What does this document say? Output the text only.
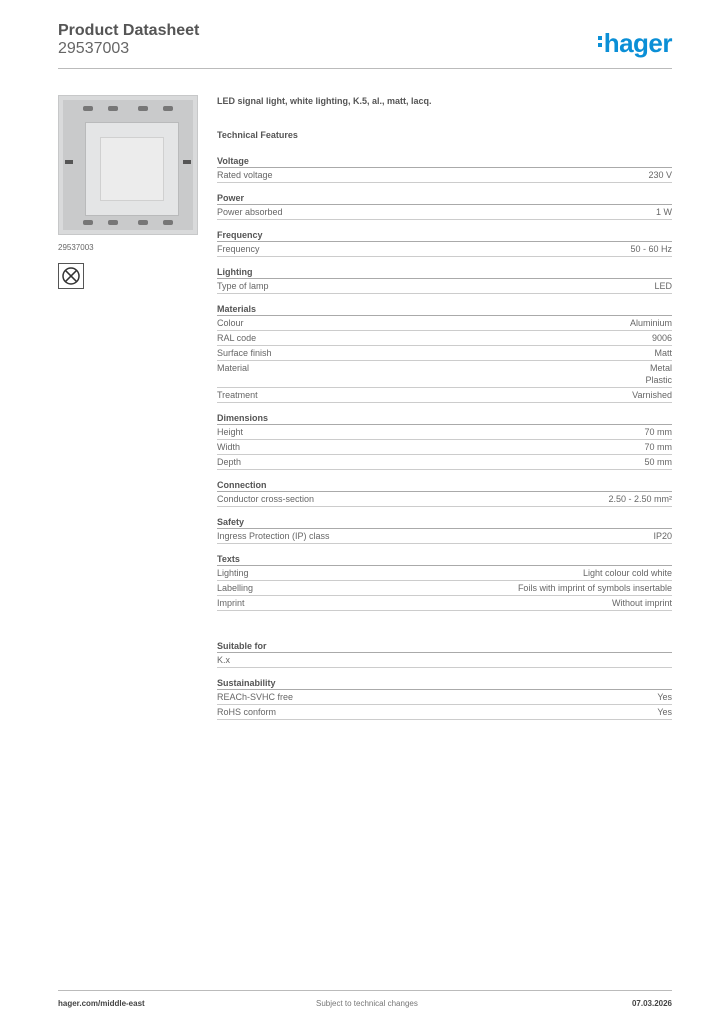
Product Datasheet
29537003	hager
29537003

LED signal light, white lighting, K.5, al., matt, lacq.

Technical Features

Voltage
Rated voltage	230 V
Power
Power absorbed	1 W
Frequency
Frequency	50 - 60 Hz
Lighting
Type of lamp	LED
Materials
Colour	Aluminium
RAL code	9006
Surface finish	Matt
Material	Metal
Plastic
Treatment	Varnished
Dimensions
Height	70 mm
Width	70 mm
Depth	50 mm
Connection
Conductor cross-section	2.50 - 2.50 mm²
Safety
Ingress Protection (IP) class	IP20
Texts
Lighting	Light colour cold white
Labelling	Foils with imprint of symbols insertable
Imprint	Without imprint
Suitable for
K.x
Sustainability
REACh-SVHC free	Yes
RoHS conform	Yes
hager.com/middle-east	Subject to technical changes	07.03.2026
